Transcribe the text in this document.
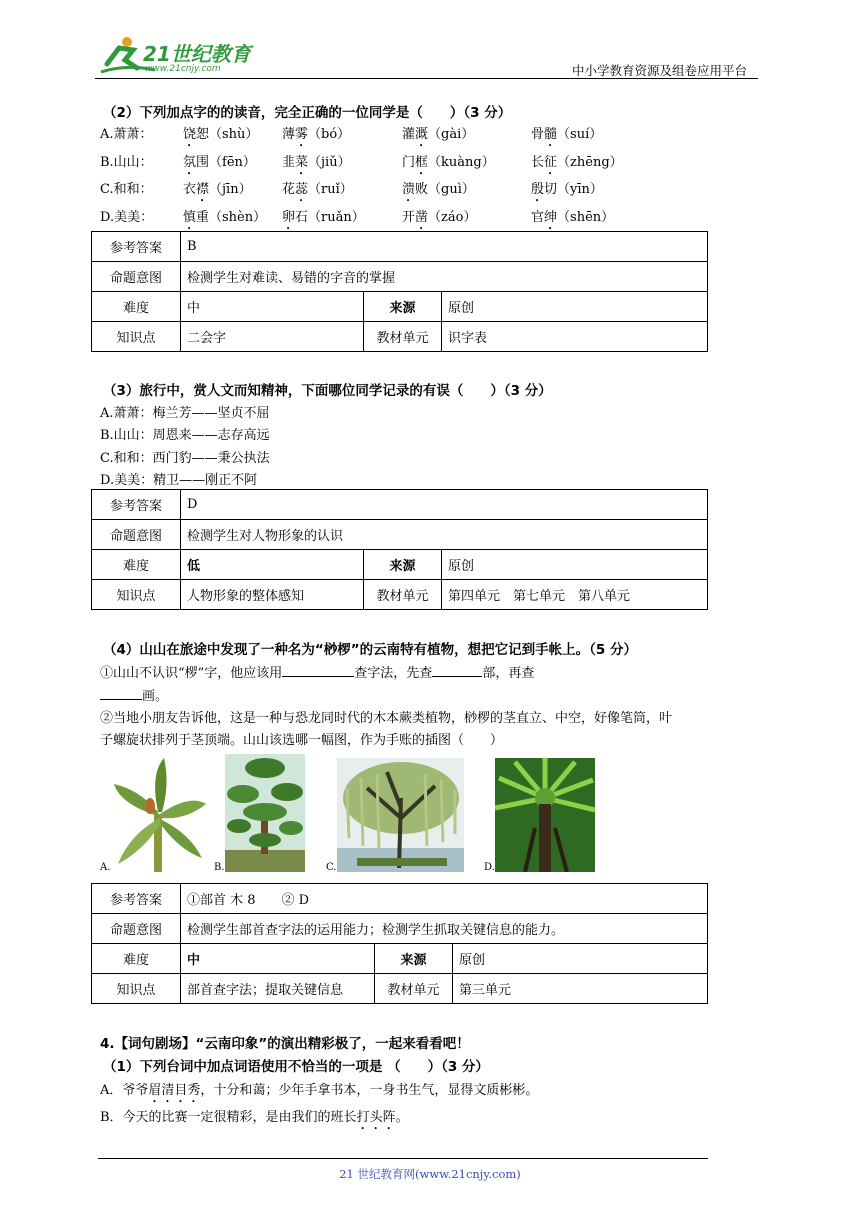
21世纪教育
www.21cnjy.com	中小学教育资源及组卷应用平台
（2）下列加点字的的读音，完全正确的一位同学是（　　）（3 分）
A.萧萧： 饶恕（shù） 薄雾（bó）	灌溉（gài）	骨髓（suí）
B.山山： 氛围（fēn） 韭菜（jiǔ）	门框（kuàng）	长征（zhēng）
C.和和： 衣襟（jīn） 花蕊（ruǐ）	溃败（guì）	殷切（yīn）
D.美美： 慎重（shèn） 卵石（ruǎn）	开凿（záo）	官绅（shēn）
参考答案	B		
命题意图	检测学生对难读、易错的字音的掌握		
难度	中	来源	原创
知识点	二会字	教材单元	识字表
（3）旅行中，赏人文而知精神，下面哪位同学记录的有误（　　）（3 分）
A.萧萧：梅兰芳——坚贞不屈
B.山山：周恩来——志存高远
C.和和：西门豹——秉公执法
D.美美：精卫——刚正不阿
参考答案	D		
命题意图	检测学生对人物形象的认识		
难度	低	来源	原创
知识点	人物形象的整体感知	教材单元	第四单元　第七单元　第八单元
（4）山山在旅途中发现了一种名为“桫椤”的云南特有植物，想把它记到手帐上。（5 分）
①山山不认识“椤”字，他应该用	查字法，先查	部，再查
画。
②当地小朋友告诉他，这是一种与恐龙同时代的木本蕨类植物，桫椤的茎直立、中空，好像笔筒，叶
子螺旋状排列于茎顶端。山山该选哪一幅图，作为手账的插图（　　）
A.	B.	C.	D.
参考答案	①部首 木 8　　② D		
命题意图	检测学生部首查字法的运用能力；检测学生抓取关键信息的能力。		
难度	中	来源	原创
知识点	部首查字法；提取关键信息	教材单元	第三单元
4.【词句剧场】“云南印象”的演出精彩极了，一起来看看吧！
（1）下列台词中加点词语使用不恰当的一项是 （　　）（3 分）
A．爷爷眉清目秀，十分和蔼；少年手拿书本，一身书生气，显得文质彬彬。
B．今天的比赛一定很精彩，是由我们的班长打头阵。
21 世纪教育网(www.21cnjy.com)
